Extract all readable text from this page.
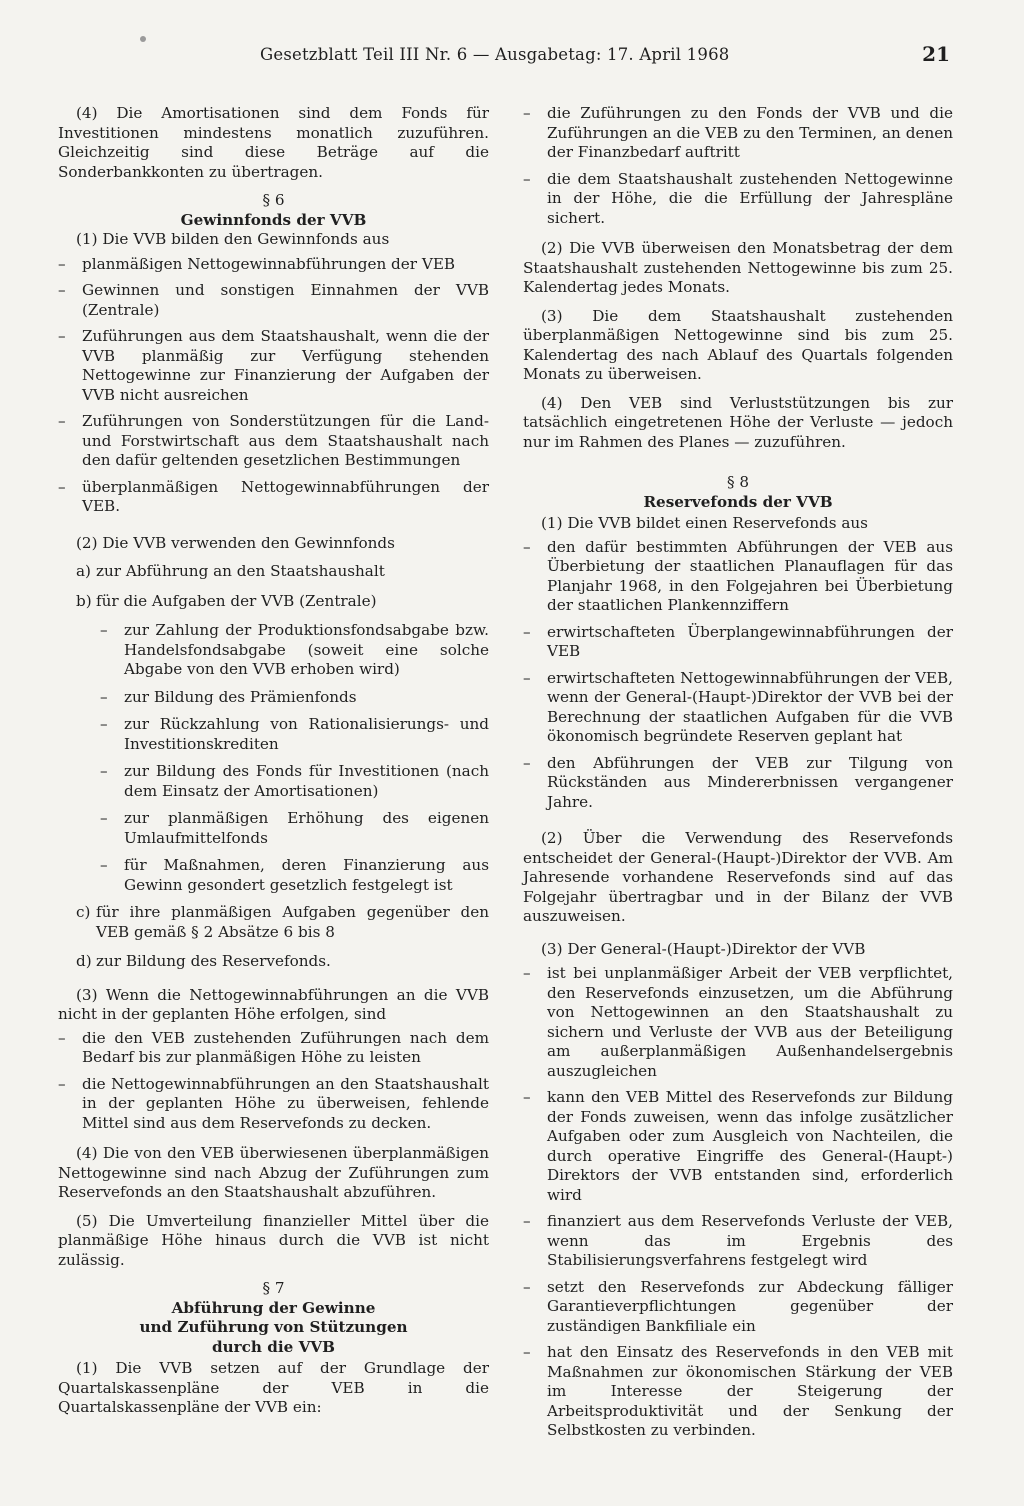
Gesetzblatt Teil III Nr. 6 — Ausgabetag: 17. April 1968	21

(4) Die Amortisationen sind dem Fonds für Investitionen mindestens monatlich zuzuführen. Gleichzeitig sind diese Beträge auf die Sonderbankkonten zu übertragen.

§ 6

Gewinnfonds der VVB

(1) Die VVB bilden den Gewinnfonds aus

– planmäßigen Nettogewinnabführungen der VEB

– Gewinnen und sonstigen Einnahmen der VVB (Zentrale)

– Zuführungen aus dem Staatshaushalt, wenn die der VVB planmäßig zur Verfügung stehenden Nettogewinne zur Finanzierung der Aufgaben der VVB nicht ausreichen

– Zuführungen von Sonderstützungen für die Land- und Forstwirtschaft aus dem Staatshaushalt nach den dafür geltenden gesetzlichen Bestimmungen

– überplanmäßigen Nettogewinnabführungen der VEB.

(2) Die VVB verwenden den Gewinnfonds

a) zur Abführung an den Staatshaushalt
b) für die Aufgaben der VVB (Zentrale)

– zur Zahlung der Produktionsfondsabgabe bzw. Handelsfondsabgabe (soweit eine solche Abgabe von den VVB erhoben wird)

– zur Bildung des Prämienfonds

– zur Rückzahlung von Rationalisierungs- und Investitionskrediten

– zur Bildung des Fonds für Investitionen (nach dem Einsatz der Amortisationen)

– zur planmäßigen Erhöhung des eigenen Umlaufmittelfonds

– für Maßnahmen, deren Finanzierung aus Gewinn gesondert gesetzlich festgelegt ist

c) für ihre planmäßigen Aufgaben gegenüber den VEB gemäß § 2 Absätze 6 bis 8
d) zur Bildung des Reservefonds.

(3) Wenn die Nettogewinnabführungen an die VVB nicht in der geplanten Höhe erfolgen, sind

– die den VEB zustehenden Zuführungen nach dem Bedarf bis zur planmäßigen Höhe zu leisten

– die Nettogewinnabführungen an den Staatshaushalt in der geplanten Höhe zu überweisen, fehlende Mittel sind aus dem Reservefonds zu decken.

(4) Die von den VEB überwiesenen überplanmäßigen Nettogewinne sind nach Abzug der Zuführungen zum Reservefonds an den Staatshaushalt abzuführen.

(5) Die Umverteilung finanzieller Mittel über die planmäßige Höhe hinaus durch die VVB ist nicht zulässig.

§ 7

Abführung der Gewinne

und Zuführung von Stützungen

durch die VVB

(1) Die VVB setzen auf der Grundlage der Quartalskassenpläne der VEB in die Quartalskassenpläne der VVB ein:

– die Zuführungen zu den Fonds der VVB und die Zuführungen an die VEB zu den Terminen, an denen der Finanzbedarf auftritt

– die dem Staatshaushalt zustehenden Nettogewinne in der Höhe, die die Erfüllung der Jahrespläne sichert.

(2) Die VVB überweisen den Monatsbetrag der dem Staatshaushalt zustehenden Nettogewinne bis zum 25. Kalendertag jedes Monats.

(3) Die dem Staatshaushalt zustehenden überplanmäßigen Nettogewinne sind bis zum 25. Kalendertag des nach Ablauf des Quartals folgenden Monats zu überweisen.

(4) Den VEB sind Verluststützungen bis zur tatsächlich eingetretenen Höhe der Verluste — jedoch nur im Rahmen des Planes — zuzuführen.

§ 8

Reservefonds der VVB

(1) Die VVB bildet einen Reservefonds aus

– den dafür bestimmten Abführungen der VEB aus Überbietung der staatlichen Planauflagen für das Planjahr 1968, in den Folgejahren bei Überbietung der staatlichen Plankennziffern

– erwirtschafteten Überplangewinnabführungen der VEB

– erwirtschafteten Nettogewinnabführungen der VEB, wenn der General-(Haupt-)Direktor der VVB bei der Berechnung der staatlichen Aufgaben für die VVB ökonomisch begründete Reserven geplant hat

– den Abführungen der VEB zur Tilgung von Rückständen aus Mindererbnissen vergangener Jahre.

(2) Über die Verwendung des Reservefonds entscheidet der General-(Haupt-)Direktor der VVB. Am Jahresende vorhandene Reservefonds sind auf das Folgejahr übertragbar und in der Bilanz der VVB auszuweisen.

(3) Der General-(Haupt-)Direktor der VVB

– ist bei unplanmäßiger Arbeit der VEB verpflichtet, den Reservefonds einzusetzen, um die Abführung von Nettogewinnen an den Staatshaushalt zu sichern und Verluste der VVB aus der Beteiligung am außerplanmäßigen Außenhandelsergebnis auszugleichen

– kann den VEB Mittel des Reservefonds zur Bildung der Fonds zuweisen, wenn das infolge zusätzlicher Aufgaben oder zum Ausgleich von Nachteilen, die durch operative Eingriffe des General-(Haupt-) Direktors der VVB entstanden sind, erforderlich wird

– finanziert aus dem Reservefonds Verluste der VEB, wenn das im Ergebnis des Stabilisierungsverfahrens festgelegt wird

– setzt den Reservefonds zur Abdeckung fälliger Garantieverpflichtungen gegenüber der zuständigen Bankfiliale ein

– hat den Einsatz des Reservefonds in den VEB mit Maßnahmen zur ökonomischen Stärkung der VEB im Interesse der Steigerung der Arbeitsproduktivität und der Senkung der Selbstkosten zu verbinden.
